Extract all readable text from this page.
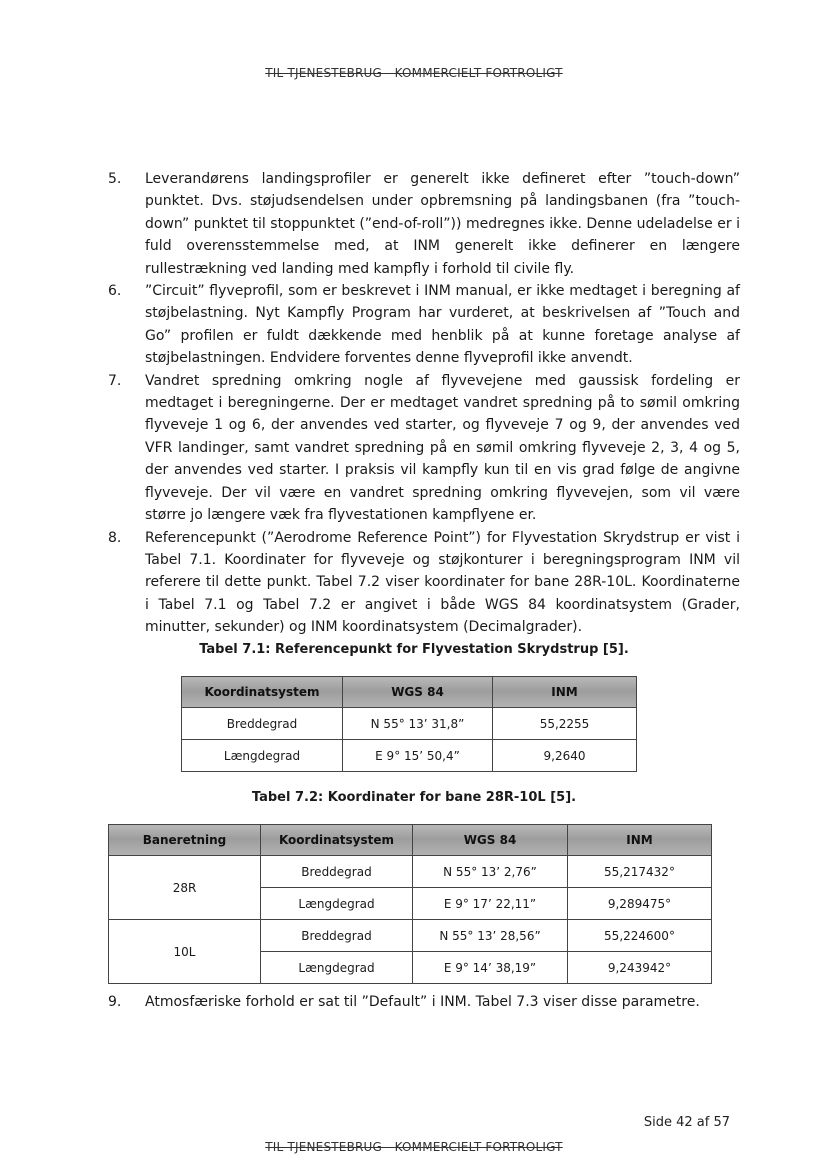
TIL TJENESTEBRUG - KOMMERCIELT FORTROLIGT
5.	Leverandørens landingsprofiler er generelt ikke defineret efter ”touch-down” punktet. Dvs. støjudsendelsen under opbremsning på landingsbanen (fra ”touch-down” punktet til stoppunktet (”end-of-roll”)) medregnes ikke. Denne udeladelse er i fuld overensstemmelse med, at INM generelt ikke definerer en længere rullestrækning ved landing med kampfly i forhold til civile fly.
6.	”Circuit” flyveprofil, som er beskrevet i INM manual, er ikke medtaget i beregning af støjbelastning. Nyt Kampfly Program har vurderet, at beskrivelsen af ”Touch and Go” profilen er fuldt dækkende med henblik på at kunne foretage analyse af støjbelastningen. Endvidere forventes denne flyveprofil ikke anvendt.
7.	Vandret spredning omkring nogle af flyvevejene med gaussisk fordeling er medtaget i beregningerne. Der er medtaget vandret spredning på to sømil omkring flyveveje 1 og 6, der anvendes ved starter, og flyveveje 7 og 9, der anvendes ved VFR landinger, samt vandret spredning på en sømil omkring flyveveje 2, 3, 4 og 5, der anvendes ved starter. I praksis vil kampfly kun til en vis grad følge de angivne flyveveje. Der vil være en vandret spredning omkring flyvevejen, som vil være større jo længere væk fra flyvestationen kampflyene er.
8.	Referencepunkt (”Aerodrome Reference Point”) for Flyvestation Skrydstrup er vist i Tabel 7.1. Koordinater for flyveveje og støjkonturer i beregningsprogram INM vil referere til dette punkt. Tabel 7.2 viser koordinater for bane 28R-10L. Koordinaterne i Tabel 7.1 og Tabel 7.2 er angivet i både WGS 84 koordinatsystem (Grader, minutter, sekunder) og INM koordinatsystem (Decimalgrader).
Tabel 7.1: Referencepunkt for Flyvestation Skrydstrup [5].
Koordinatsystem	WGS 84	INM
Breddegrad	N 55° 13’ 31,8”	55,2255
Længdegrad	E 9° 15’ 50,4”	9,2640
Tabel 7.2: Koordinater for bane 28R-10L [5].
Baneretning	Koordinatsystem	WGS 84	INM
28R	Breddegrad	N 55° 13’ 2,76”	55,217432°
	Længdegrad	E 9° 17’ 22,11”	9,289475°
10L	Breddegrad	N 55° 13’ 28,56”	55,224600°
	Længdegrad	E 9° 14’ 38,19”	9,243942°
9.	Atmosfæriske forhold er sat til ”Default” i INM. Tabel 7.3 viser disse parametre.
Side 42 af 57
TIL TJENESTEBRUG - KOMMERCIELT FORTROLIGT
